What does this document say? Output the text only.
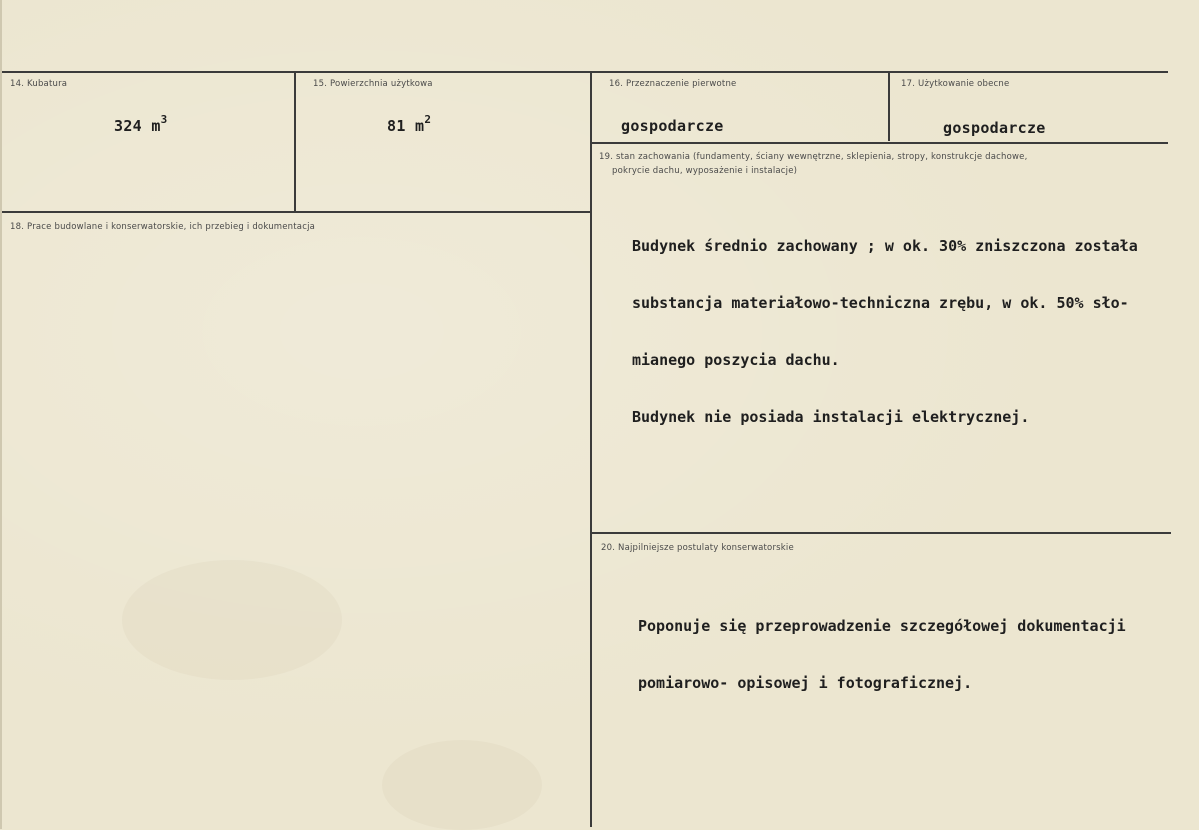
14. Kubatura
324 $m^3$
15. Powierzchnia użytkowa
81 $m^2$
16. Przeznaczenie pierwotne
gospodarcze
17. Użytkowanie obecne
gospodarcze
18. Prace budowlane i konserwatorskie, ich przebieg i dokumentacja
19. stan zachowania (fundamenty, ściany wewnętrzne, sklepienia, stropy, konstrukcje dachowe,
pokrycie dachu, wyposażenie i instalacje)

Budynek średnio zachowany ; w ok. 30% zniszczona została

substancja materiałowo-techniczna zrębu, w ok. 50% sło-

mianego poszycia dachu.

Budynek nie posiada instalacji elektrycznej.

20. Najpilniejsze postulaty konserwatorskie

Poponuje się przeprowadzenie szczegółowej dokumentacji

pomiarowo- opisowej i fotograficznej.
